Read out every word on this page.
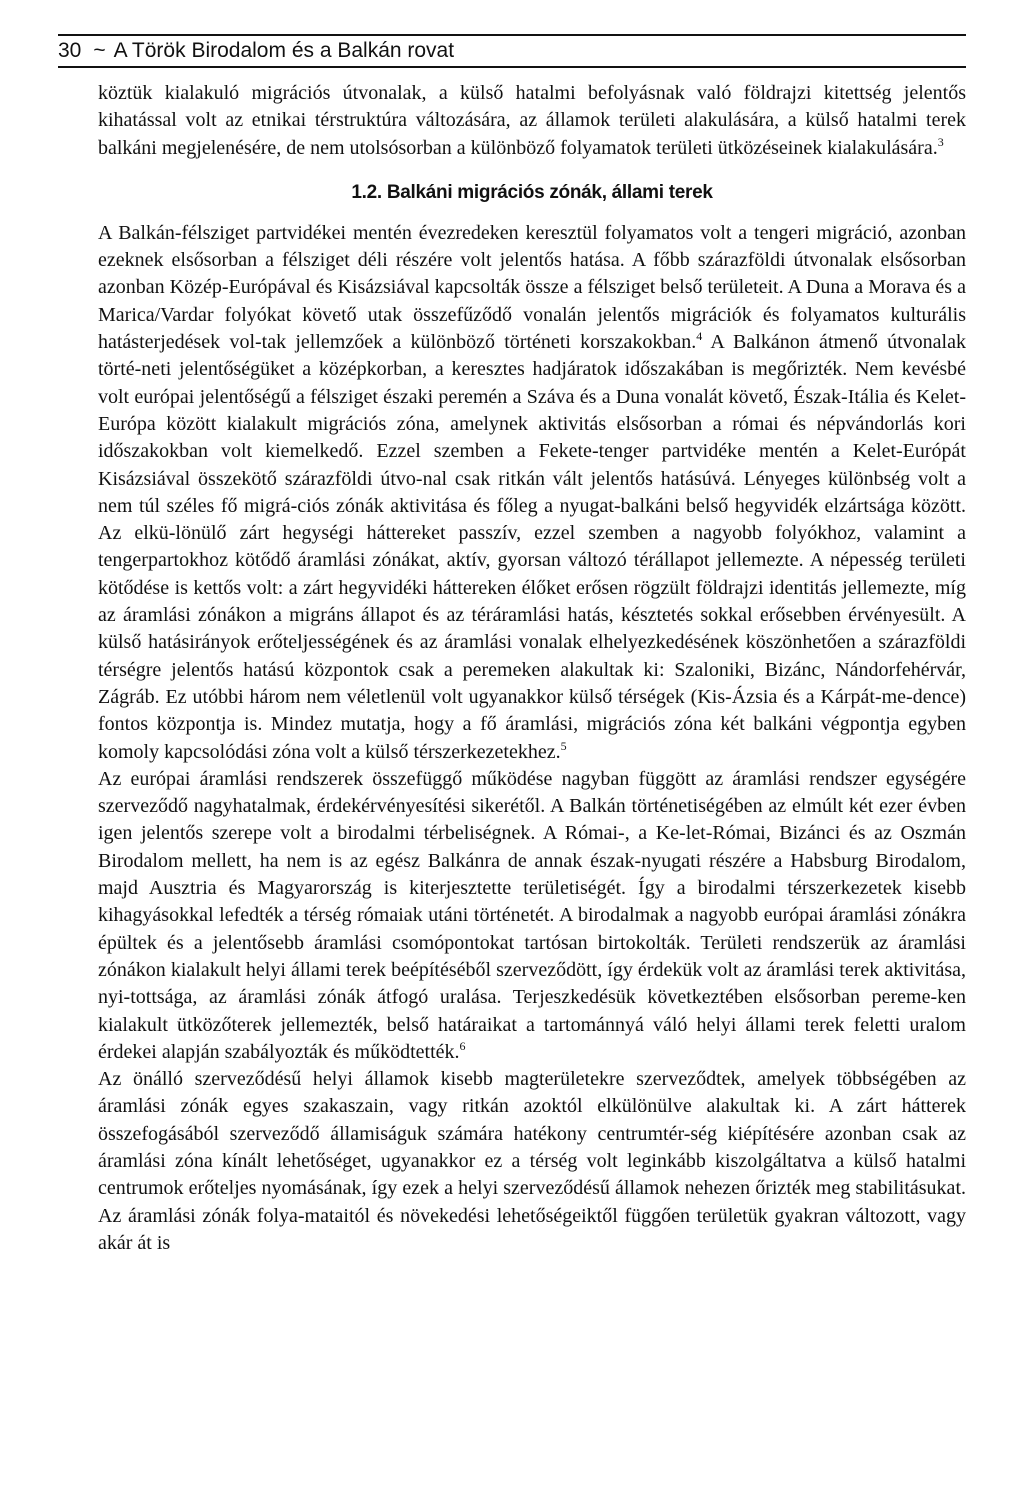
30 ~ A Török Birodalom és a Balkán rovat

köztük kialakuló migrációs útvonalak, a külső hatalmi befolyásnak való földrajzi kitettség jelentős kihatással volt az etnikai térstruktúra változására, az államok területi alakulására, a külső hatalmi terek balkáni megjelenésére, de nem utolsósorban a különböző folyamatok területi ütközéseinek kialakulására.$^3$

1.2. Balkáni migrációs zónák, állami terek

A Balkán-félsziget partvidékei mentén évezredeken keresztül folyamatos volt a tengeri migráció, azonban ezeknek elsősorban a félsziget déli részére volt jelentős hatása. A főbb szárazföldi útvonalak elsősorban azonban Közép-Európával és Kisázsiával kapcsolták össze a félsziget belső területeit. A Duna a Morava és a Marica/Vardar folyókat követő utak összefűződő vonalán jelentős migrációk és folyamatos kulturális hatásterjedések vol-tak jellemzőek a különböző történeti korszakokban.$^4$ A Balkánon átmenő útvonalak törté-neti jelentőségüket a középkorban, a keresztes hadjáratok időszakában is megőrizték. Nem kevésbé volt európai jelentőségű a félsziget északi peremén a Száva és a Duna vonalát követő, Észak-Itália és Kelet-Európa között kialakult migrációs zóna, amelynek aktivitás elsősorban a római és népvándorlás kori időszakokban volt kiemelkedő. Ezzel szemben a Fekete-tenger partvidéke mentén a Kelet-Európát Kisázsiával összekötő szárazföldi útvo-nal csak ritkán vált jelentős hatásúvá. Lényeges különbség volt a nem túl széles fő migrá-ciós zónák aktivitása és főleg a nyugat-balkáni belső hegyvidék elzártsága között. Az elkü-lönülő zárt hegységi háttereket passzív, ezzel szemben a nagyobb folyókhoz, valamint a tengerpartokhoz kötődő áramlási zónákat, aktív, gyorsan változó térállapot jellemezte. A népesség területi kötődése is kettős volt: a zárt hegyvidéki háttereken élőket erősen rögzült földrajzi identitás jellemezte, míg az áramlási zónákon a migráns állapot és az téráramlási hatás, késztetés sokkal erősebben érvényesült. A külső hatásirányok erőteljességének és az áramlási vonalak elhelyezkedésének köszönhetően a szárazföldi térségre jelentős hatású központok csak a peremeken alakultak ki: Szaloniki, Bizánc, Nándorfehérvár, Zágráb. Ez utóbbi három nem véletlenül volt ugyanakkor külső térségek (Kis-Ázsia és a Kárpát-me-dence) fontos központja is. Mindez mutatja, hogy a fő áramlási, migrációs zóna két balkáni végpontja egyben komoly kapcsolódási zóna volt a külső térszerkezetekhez.$^5$

Az európai áramlási rendszerek összefüggő működése nagyban függött az áramlási rendszer egységére szerveződő nagyhatalmak, érdekérvényesítési sikerétől. A Balkán történetiségében az elmúlt két ezer évben igen jelentős szerepe volt a birodalmi térbeliségnek. A Római-, a Ke-let-Római, Bizánci és az Oszmán Birodalom mellett, ha nem is az egész Balkánra de annak észak-nyugati részére a Habsburg Birodalom, majd Ausztria és Magyarország is kiterjesztette területiségét. Így a birodalmi térszerkezetek kisebb kihagyásokkal lefedték a térség rómaiak utáni történetét. A birodalmak a nagyobb európai áramlási zónákra épültek és a jelentősebb áramlási csomópontokat tartósan birtokolták. Területi rendszerük az áramlási zónákon kialakult helyi állami terek beépítéséből szerveződött, így érdekük volt az áramlási terek aktivitása, nyi-tottsága, az áramlási zónák átfogó uralása. Terjeszkedésük következtében elsősorban pereme-ken kialakult ütközőterek jellemezték, belső határaikat a tartománnyá váló helyi állami terek feletti uralom érdekei alapján szabályozták és működtették.$^6$

Az önálló szerveződésű helyi államok kisebb magterületekre szerveződtek, amelyek többségében az áramlási zónák egyes szakaszain, vagy ritkán azoktól elkülönülve alakultak ki. A zárt hátterek összefogásából szerveződő államiságuk számára hatékony centrumtér-ség kiépítésére azonban csak az áramlási zóna kínált lehetőséget, ugyanakkor ez a térség volt leginkább kiszolgáltatva a külső hatalmi centrumok erőteljes nyomásának, így ezek a helyi szerveződésű államok nehezen őrizték meg stabilitásukat. Az áramlási zónák folya-mataitól és növekedési lehetőségeiktől függően területük gyakran változott, vagy akár át is
